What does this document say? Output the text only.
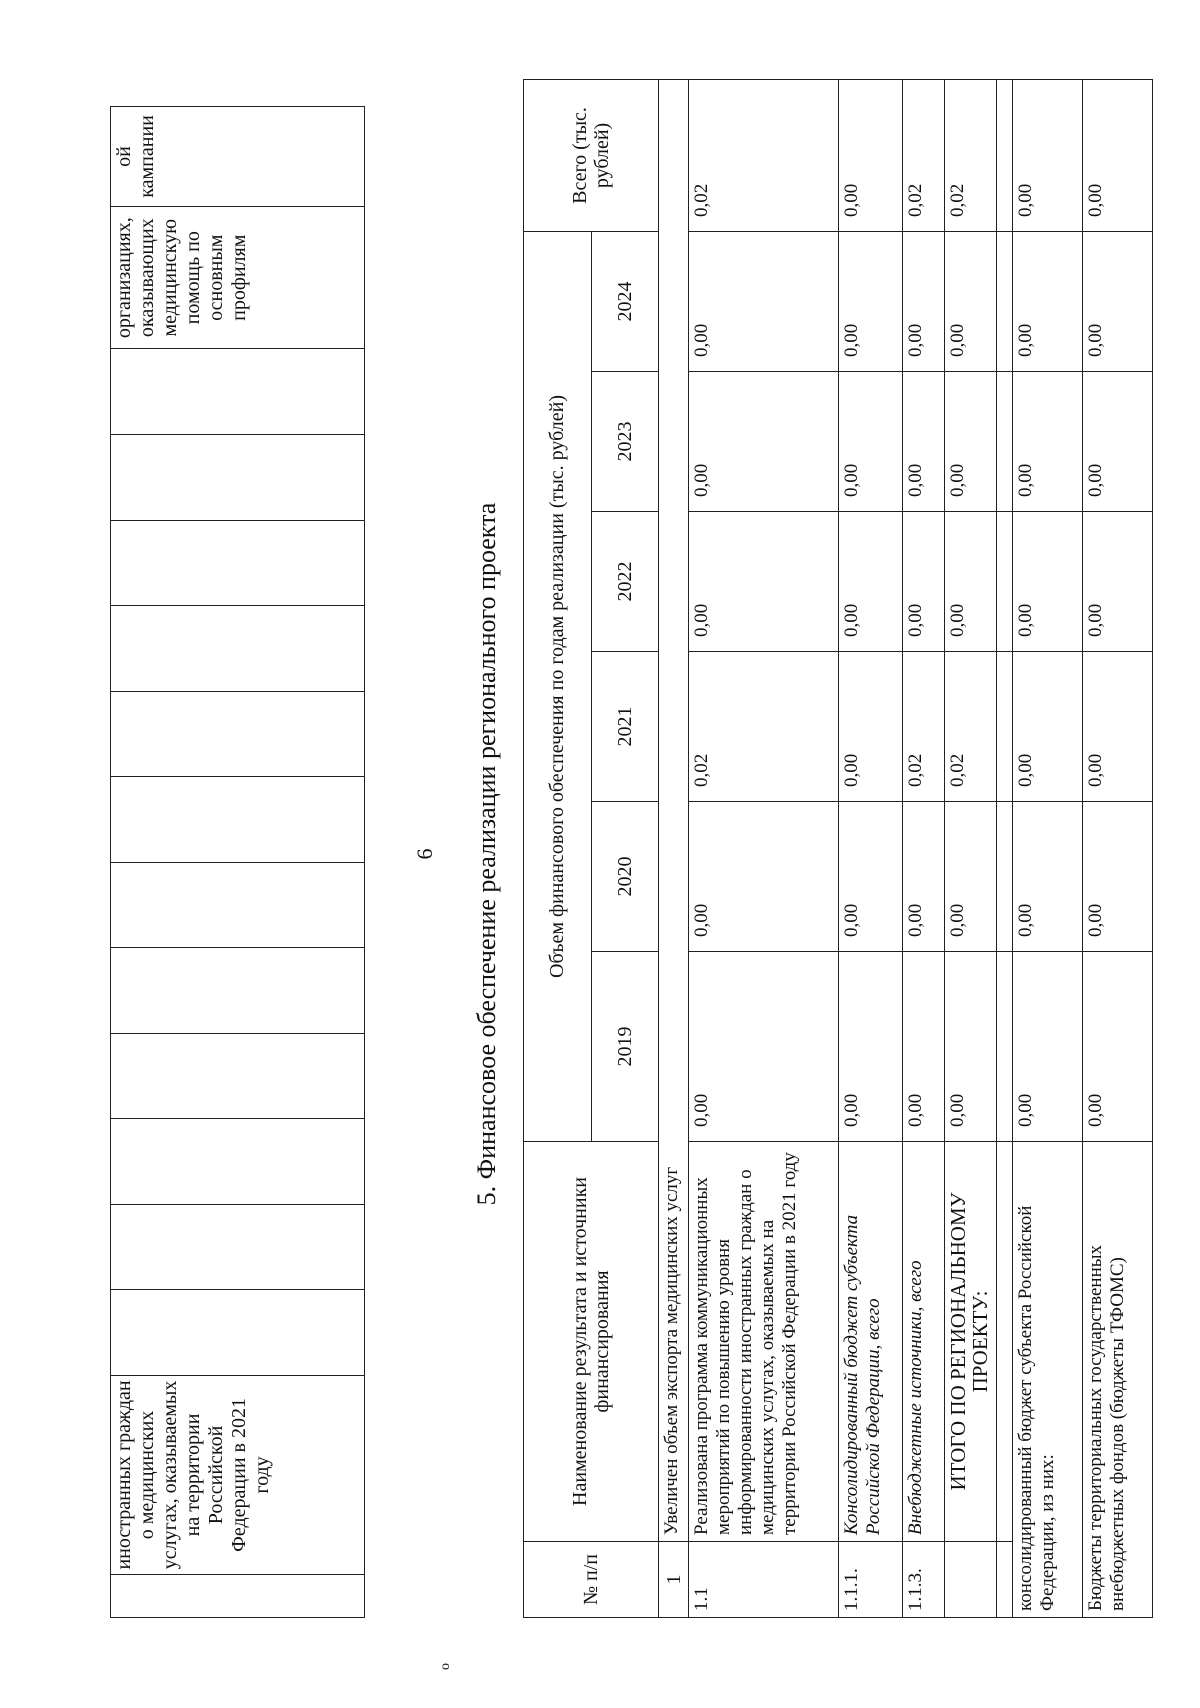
o
	иностранных граждан о медицинских услугах, оказываемых на территории Российской Федерации в 2021 году													организациях, оказывающих медицинскую помощь по основным профилям	ой кампании
6 5. Финансовое обеспечение реализации регионального проекта
№ п/п	Наименование результата и источники финансирования	Объем финансового обеспечения по годам реализации (тыс. рублей)						Всего (тыс. рублей)
		2019	2020	2021	2022	2023	2024	
1	Увеличен объем экспорта медицинских услуг							
1.1	Реализована программа коммуникационных мероприятий по повышению уровня информированности иностранных граждан о медицинских услугах, оказываемых на территории Российской Федерации в 2021 году	0,00	0,00	0,02	0,00	0,00	0,00	0,02
1.1.1.	Консолидированный бюджет субъекта Российской Федерации, всего	0,00	0,00	0,00	0,00	0,00	0,00	0,00
1.1.3.	Внебюджетные источники, всего	0,00	0,00	0,02	0,00	0,00	0,00	0,02
	ИТОГО ПО РЕГИОНАЛЬНОМУ ПРОЕКТУ:	0,00	0,00	0,02	0,00	0,00	0,00	0,02

консолидированный бюджет субъекта Российской Федерации, из них:		0,00	0,00	0,00	0,00	0,00	0,00	0,00
Бюджеты территориальных государственных внебюджетных фондов (бюджеты ТФОМС)		0,00	0,00	0,00	0,00	0,00	0,00	0,00
